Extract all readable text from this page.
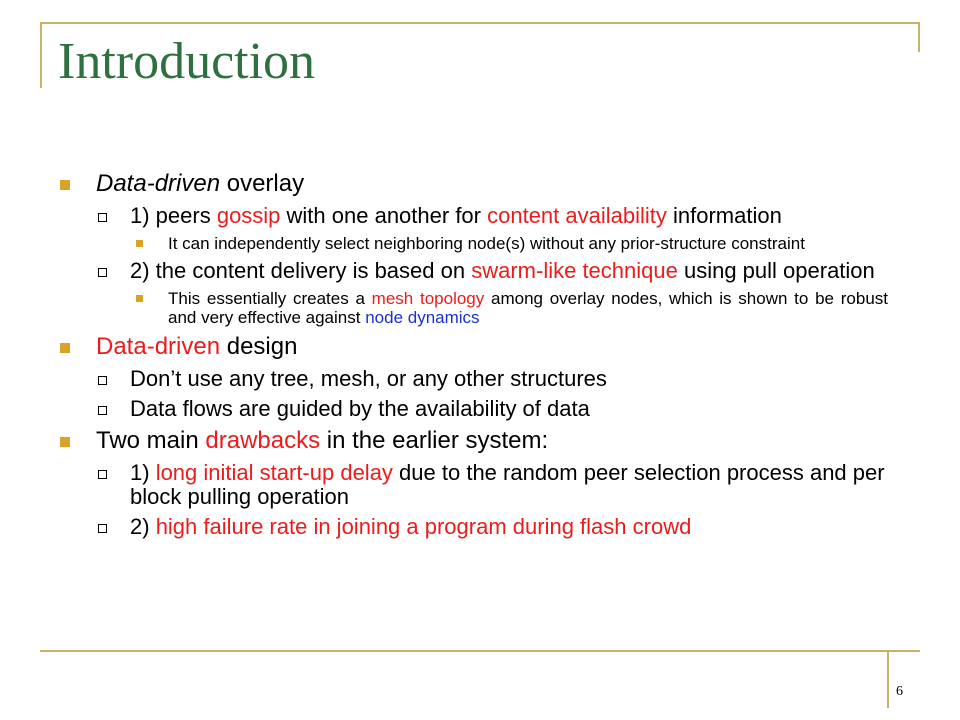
Introduction
Data-driven overlay
1) peers gossip with one another for content availability information
It can independently select neighboring node(s) without any prior-structure constraint
2) the content delivery is based on swarm-like technique using pull operation
This essentially creates a mesh topology among overlay nodes, which is shown to be robust and very effective against node dynamics
Data-driven design
Don’t use any tree, mesh, or any other structures
Data flows are guided by the availability of data
Two main drawbacks in the earlier system:
1) long initial start-up delay due to the random peer selection process and per block pulling operation
2) high failure rate in joining a program during flash crowd
6
